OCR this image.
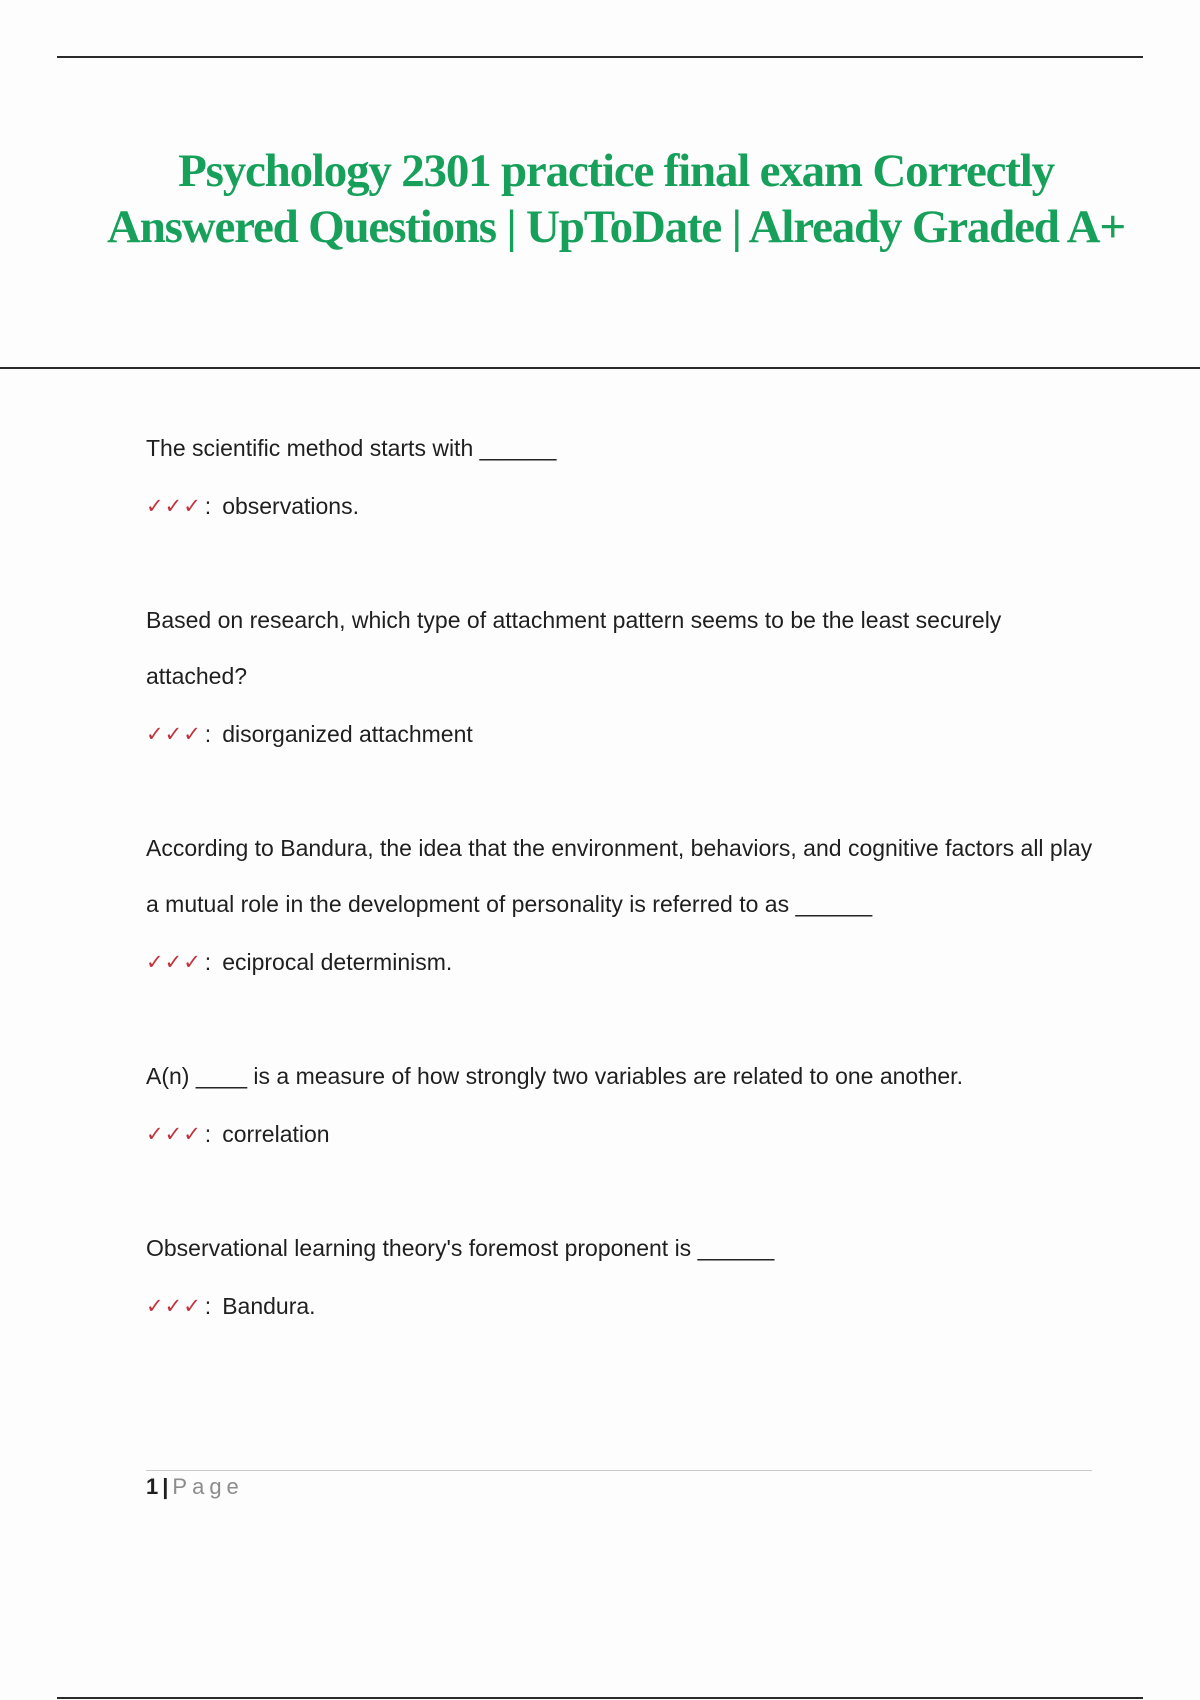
Psychology 2301 practice final exam Correctly Answered Questions | UpToDate | Already Graded A+

The scientific method starts with ______

✓✓✓ : observations.

Based on research, which type of attachment pattern seems to be the least securely attached?

✓✓✓ : disorganized attachment

According to Bandura, the idea that the environment, behaviors, and cognitive factors all play a mutual role in the development of personality is referred to as ______

✓✓✓ : eciprocal determinism.

A(n) ____ is a measure of how strongly two variables are related to one another.

✓✓✓ : correlation

Observational learning theory's foremost proponent is ______

✓✓✓ : Bandura.

1 | Page
